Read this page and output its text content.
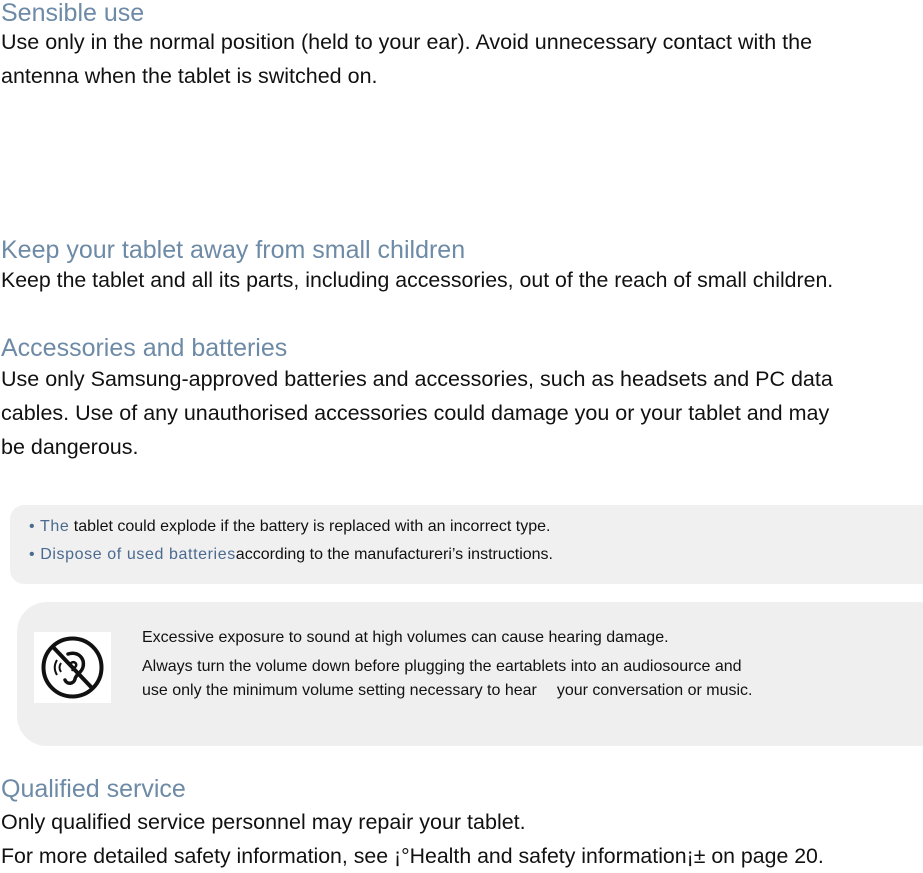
Sensible use

Use only in the normal position (held to your ear). Avoid unnecessary contact with the

antenna when the tablet is switched on.

Keep your tablet away from small children

Keep the tablet and all its parts, including accessories, out of the reach of small children.

Accessories and batteries

Use only Samsung-approved batteries and accessories, such as headsets and PC data

cables. Use of any unauthorised accessories could damage you or your tablet and may

be dangerous.

• The tablet could explode if the battery is replaced with an incorrect type.
• Dispose of used batteriesaccording to the manufactureri’s instructions.
Excessive exposure to sound at high volumes can cause hearing damage.
Always turn the volume down before plugging the eartablets into an audiosource and
use only the minimum volume setting necessary to hear your conversation or music.
Qualified service

Only qualified service personnel may repair your tablet.

For more detailed safety information, see ¡°Health and safety information¡± on page 20.
